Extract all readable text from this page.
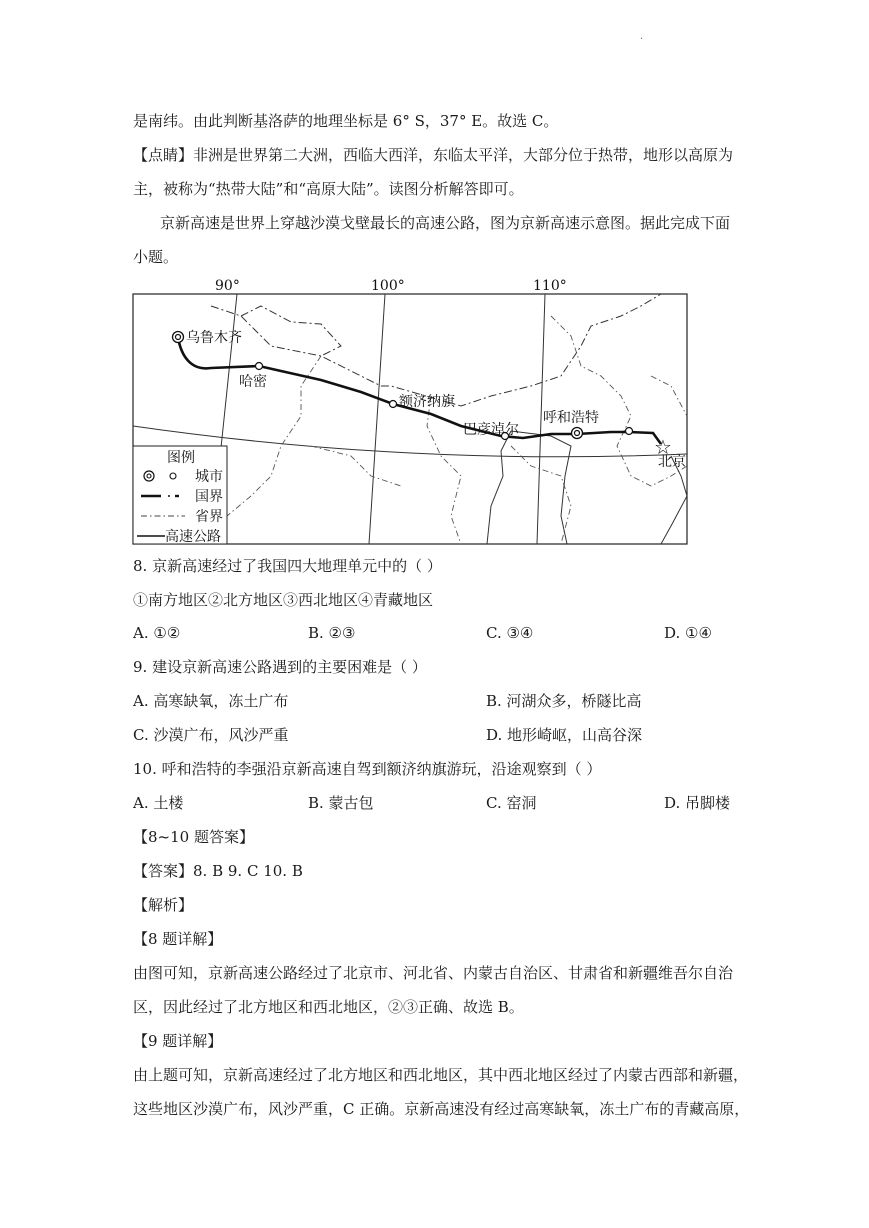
·
是南纬。由此判断基洛萨的地理坐标是 6° S，37° E。故选 C。
【点睛】非洲是世界第二大洲，西临大西洋，东临太平洋，大部分位于热带，地形以高原为
主，被称为“热带大陆”和“高原大陆”。读图分析解答即可。
京新高速是世界上穿越沙漠戈壁最长的高速公路，图为京新高速示意图。据此完成下面
小题。
90°	100°	110°
乌鲁木齐
哈密
额济纳旗
巴彦淖尔
呼和浩特
☆
北京
图例
城市
国界
省界
高速公路
8. 京新高速经过了我国四大地理单元中的（ ）
①南方地区②北方地区③西北地区④青藏地区
A. ①②	B. ②③	C. ③④	D. ①④
9. 建设京新高速公路遇到的主要困难是（ ）
A. 高寒缺氧，冻土广布	B. 河湖众多，桥隧比高
C. 沙漠广布，风沙严重	D. 地形崎岖，山高谷深
10. 呼和浩特的李强沿京新高速自驾到额济纳旗游玩，沿途观察到（ ）
A. 土楼	B. 蒙古包	C. 窑洞	D. 吊脚楼
【8~10 题答案】
【答案】8. B 9. C 10. B
【解析】
【8 题详解】
由图可知，京新高速公路经过了北京市、河北省、内蒙古自治区、甘肃省和新疆维吾尔自治
区，因此经过了北方地区和西北地区，②③正确、故选 B。
【9 题详解】
由上题可知，京新高速经过了北方地区和西北地区，其中西北地区经过了内蒙古西部和新疆，
这些地区沙漠广布，风沙严重，C 正确。京新高速没有经过高寒缺氧，冻土广布的青藏高原，
